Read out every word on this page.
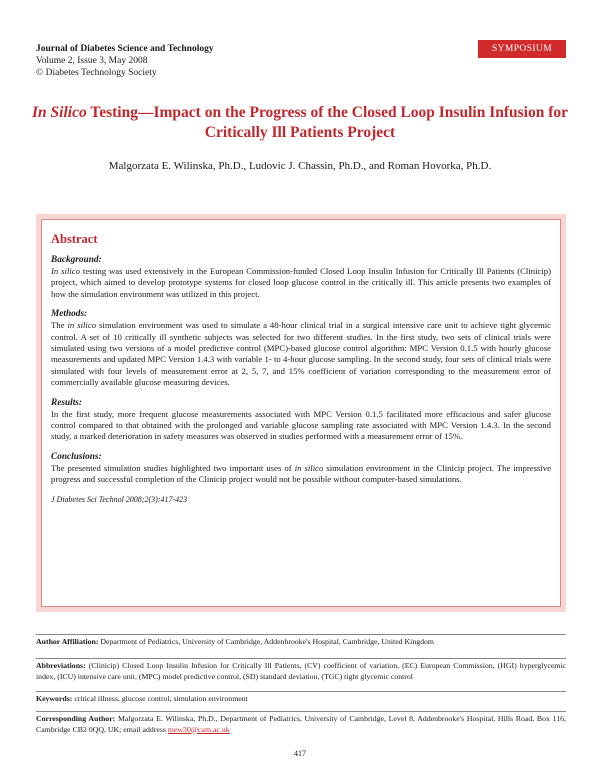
Journal of Diabetes Science and Technology
Volume 2, Issue 3, May 2008
© Diabetes Technology Society
SYMPOSIUM
In Silico Testing—Impact on the Progress of the Closed Loop Insulin Infusion for Critically Ill Patients Project
Malgorzata E. Wilinska, Ph.D., Ludovic J. Chassin, Ph.D., and Roman Hovorka, Ph.D.
Abstract
Background:
In silico testing was used extensively in the European Commission-funded Closed Loop Insulin Infusion for Critically Ill Patients (Clinicip) project, which aimed to develop prototype systems for closed loop glucose control in the critically ill. This article presents two examples of how the simulation environment was utilized in this project.
Methods:
The in silico simulation environment was used to simulate a 48-hour clinical trial in a surgical intensive care unit to achieve tight glycemic control. A set of 10 critically ill synthetic subjects was selected for two different studies. In the first study, two sets of clinical trials were simulated using two versions of a model predictive control (MPC)-based glucose control algorithm: MPC Version 0.1.5 with hourly glucose measurements and updated MPC Version 1.4.3 with variable 1- to 4-hour glucose sampling. In the second study, four sets of clinical trials were simulated with four levels of measurement error at 2, 5, 7, and 15% coefficient of variation corresponding to the measurement error of commercially available glucose measuring devices.
Results:
In the first study, more frequent glucose measurements associated with MPC Version 0.1.5 facilitated more efficacious and safer glucose control compared to that obtained with the prolonged and variable glucose sampling rate associated with MPC Version 1.4.3. In the second study, a marked deterioration in safety measures was observed in studies performed with a measurement error of 15%.
Conclusions:
The presented simulation studies highlighted two important uses of in silico simulation environment in the Clinicip project. The impressive progress and successful completion of the Clinicip project would not be possible without computer-based simulations.
J Diabetes Sci Technol 2008;2(3):417-423
Author Affiliation: Department of Pediatrics, University of Cambridge, Addenbrooke's Hospital, Cambridge, United Kingdom
Abbreviations: (Clinicip) Closed Loop Insulin Infusion for Critically Ill Patients, (CV) coefficient of variation, (EC) European Commission, (HGI) hyperglycemic index, (ICU) intensive care unit, (MPC) model predictive control, (SD) standard deviation, (TGC) tight glycemic control
Keywords: critical illness, glucose control, simulation environment
Corresponding Author: Malgorzata E. Wilinska, Ph.D., Department of Pediatrics, University of Cambridge, Level 8, Addenbrooke's Hospital, Hills Road, Box 116, Cambridge CB2 0QQ, UK; email address mew30@cam.ac.uk
417
